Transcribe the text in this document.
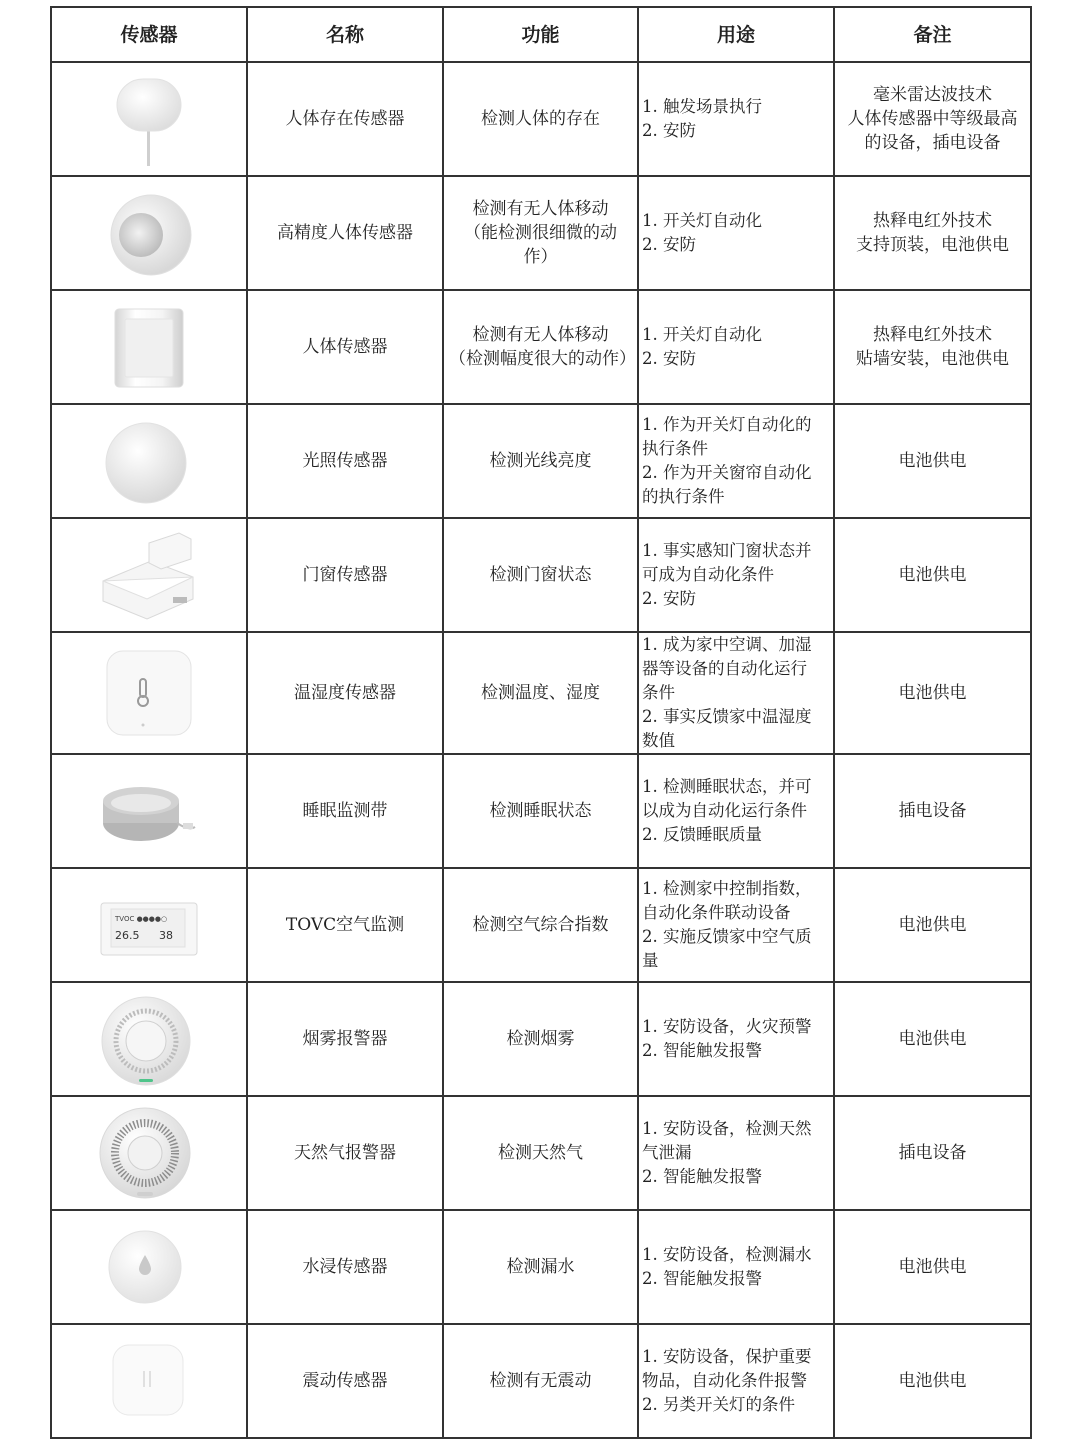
传感器	名称	功能	用途	备注

	人体存在传感器	检测人体的存在	1. 触发场景执行
2. 安防	毫米雷达波技术
人体传感器中等级最高
的设备，插电设备

	高精度人体传感器	检测有无人体移动
（能检测很细微的动
作）	1. 开关灯自动化
2. 安防	热释电红外技术
支持顶装，电池供电

	人体传感器	检测有无人体移动
（检测幅度很大的动作）	1. 开关灯自动化
2. 安防	热释电红外技术
贴墙安装，电池供电

	光照传感器	检测光线亮度	1. 作为开关灯自动化的
执行条件
2. 作为开关窗帘自动化
的执行条件	电池供电

	门窗传感器	检测门窗状态	1. 事实感知门窗状态并
可成为自动化条件
2. 安防	电池供电

	温湿度传感器	检测温度、湿度	1. 成为家中空调、加湿
器等设备的自动化运行
条件
2. 事实反馈家中温湿度
数值	电池供电

	睡眠监测带	检测睡眠状态	1. 检测睡眠状态，并可
以成为自动化运行条件
2. 反馈睡眠质量	插电设备

TVOC ●●●●○
26.5 38	TOVC空气监测	检测空气综合指数	1. 检测家中控制指数，
自动化条件联动设备
2. 实施反馈家中空气质
量	电池供电

	烟雾报警器	检测烟雾	1. 安防设备，火灾预警
2. 智能触发报警	电池供电

	天然气报警器	检测天然气	1. 安防设备，检测天然
气泄漏
2. 智能触发报警	插电设备

	水浸传感器	检测漏水	1. 安防设备，检测漏水
2. 智能触发报警	电池供电

	震动传感器	检测有无震动	1. 安防设备，保护重要
物品，自动化条件报警
2. 另类开关灯的条件	电池供电
